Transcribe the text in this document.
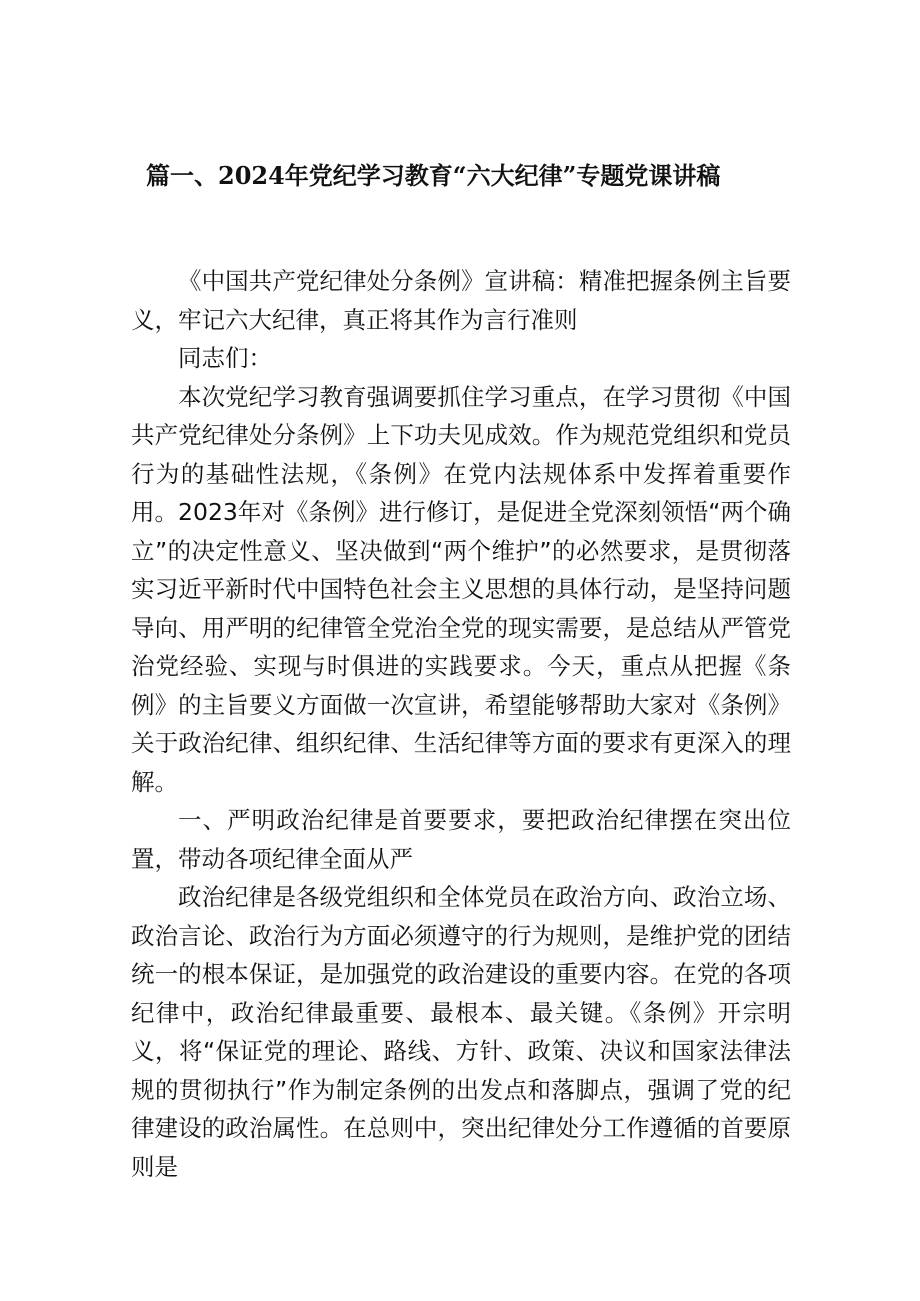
篇一、2024年党纪学习教育“六大纪律”专题党课讲稿

《中国共产党纪律处分条例》宣讲稿：精准把握条例主旨要义，牢记六大纪律，真正将其作为言行准则

同志们：

本次党纪学习教育强调要抓住学习重点，在学习贯彻《中国共产党纪律处分条例》上下功夫见成效。作为规范党组织和党员行为的基础性法规，《条例》在党内法规体系中发挥着重要作用。2023年对《条例》进行修订，是促进全党深刻领悟“两个确立”的决定性意义、坚决做到“两个维护”的必然要求，是贯彻落实习近平新时代中国特色社会主义思想的具体行动，是坚持问题导向、用严明的纪律管全党治全党的现实需要，是总结从严管党治党经验、实现与时俱进的实践要求。今天，重点从把握《条例》的主旨要义方面做一次宣讲，希望能够帮助大家对《条例》关于政治纪律、组织纪律、生活纪律等方面的要求有更深入的理解。

一、严明政治纪律是首要要求，要把政治纪律摆在突出位置，带动各项纪律全面从严

政治纪律是各级党组织和全体党员在政治方向、政治立场、政治言论、政治行为方面必须遵守的行为规则，是维护党的团结统一的根本保证，是加强党的政治建设的重要内容。在党的各项纪律中，政治纪律最重要、最根本、最关键。《条例》开宗明义，将“保证党的理论、路线、方针、政策、决议和国家法律法规的贯彻执行”作为制定条例的出发点和落脚点，强调了党的纪律建设的政治属性。在总则中，突出纪律处分工作遵循的首要原则是
